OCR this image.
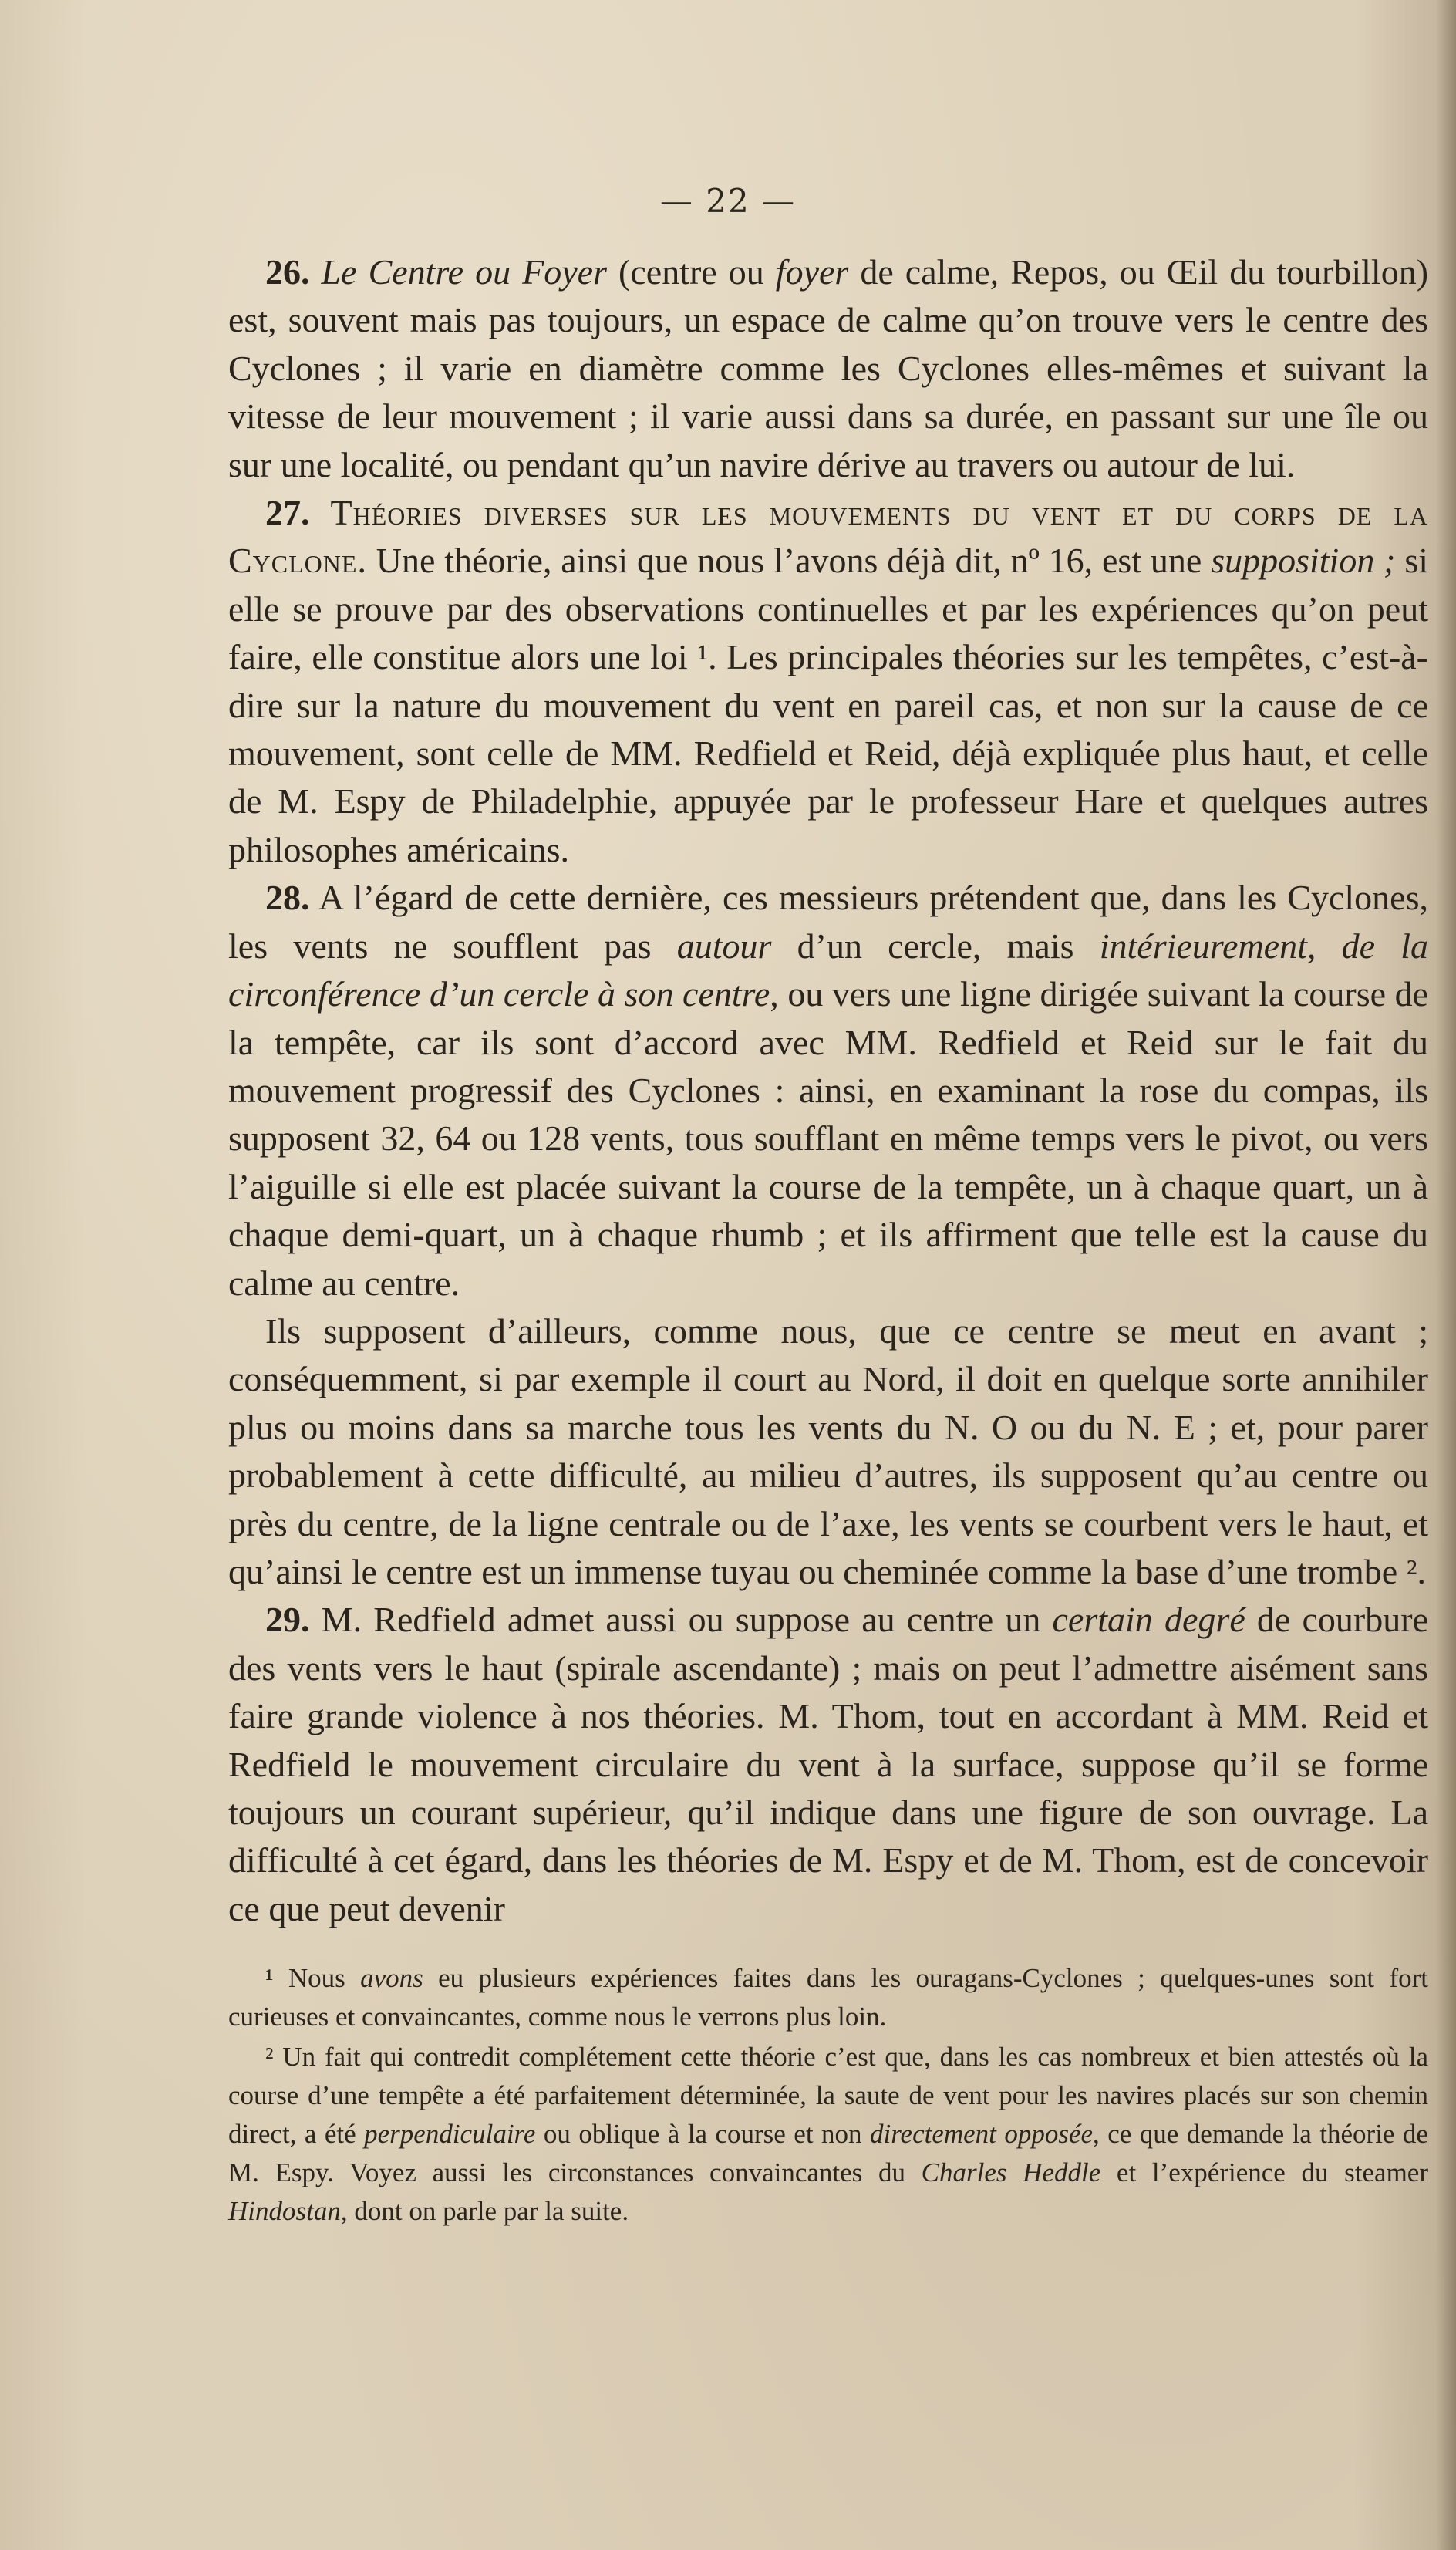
— 22 —

26. Le Centre ou Foyer (centre ou foyer de calme, Repos, ou Œil du tourbillon) est, souvent mais pas toujours, un espace de calme qu’on trouve vers le centre des Cyclones ; il varie en diamètre comme les Cyclones elles-mêmes et suivant la vitesse de leur mouvement ; il varie aussi dans sa durée, en passant sur une île ou sur une localité, ou pendant qu’un navire dérive au travers ou autour de lui.

27. Théories diverses sur les mouvements du vent et du corps de la Cyclone. Une théorie, ainsi que nous l’avons déjà dit, nº 16, est une supposition ; si elle se prouve par des observations continuelles et par les expériences qu’on peut faire, elle constitue alors une loi ¹. Les principales théories sur les tempêtes, c’est-à-dire sur la nature du mouvement du vent en pareil cas, et non sur la cause de ce mouvement, sont celle de MM. Redfield et Reid, déjà expliquée plus haut, et celle de M. Espy de Philadelphie, appuyée par le professeur Hare et quelques autres philosophes américains.

28. A l’égard de cette dernière, ces messieurs prétendent que, dans les Cyclones, les vents ne soufflent pas autour d’un cercle, mais intérieurement, de la circonférence d’un cercle à son centre, ou vers une ligne dirigée suivant la course de la tempête, car ils sont d’accord avec MM. Redfield et Reid sur le fait du mouvement progressif des Cyclones : ainsi, en examinant la rose du compas, ils supposent 32, 64 ou 128 vents, tous soufflant en même temps vers le pivot, ou vers l’aiguille si elle est placée suivant la course de la tempête, un à chaque quart, un à chaque demi-quart, un à chaque rhumb ; et ils affirment que telle est la cause du calme au centre.

Ils supposent d’ailleurs, comme nous, que ce centre se meut en avant ; conséquemment, si par exemple il court au Nord, il doit en quelque sorte annihiler plus ou moins dans sa marche tous les vents du N. O ou du N. E ; et, pour parer probablement à cette difficulté, au milieu d’autres, ils supposent qu’au centre ou près du centre, de la ligne centrale ou de l’axe, les vents se courbent vers le haut, et qu’ainsi le centre est un immense tuyau ou cheminée comme la base d’une trombe ².

29. M. Redfield admet aussi ou suppose au centre un certain degré de courbure des vents vers le haut (spirale ascendante) ; mais on peut l’admettre aisément sans faire grande violence à nos théories. M. Thom, tout en accordant à MM. Reid et Redfield le mouvement circulaire du vent à la surface, suppose qu’il se forme toujours un courant supérieur, qu’il indique dans une figure de son ouvrage. La difficulté à cet égard, dans les théories de M. Espy et de M. Thom, est de concevoir ce que peut devenir

¹ Nous avons eu plusieurs expériences faites dans les ouragans-Cyclones ; quelques-unes sont fort curieuses et convaincantes, comme nous le verrons plus loin.

² Un fait qui contredit complétement cette théorie c’est que, dans les cas nombreux et bien attestés où la course d’une tempête a été parfaitement déterminée, la saute de vent pour les navires placés sur son chemin direct, a été perpendiculaire ou oblique à la course et non directement opposée, ce que demande la théorie de M. Espy. Voyez aussi les circonstances convaincantes du Charles Heddle et l’expérience du steamer Hindostan, dont on parle par la suite.
